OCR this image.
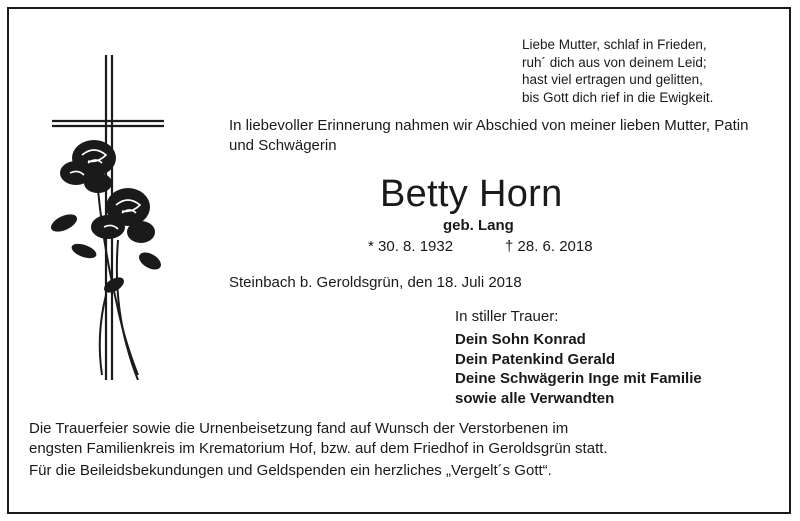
Liebe Mutter, schlaf in Frieden,
ruh´ dich aus von deinem Leid;
hast viel ertragen und gelitten,
bis Gott dich rief in die Ewigkeit.
In liebevoller Erinnerung nahmen wir Abschied von meiner lieben Mutter, Patin und Schwägerin
Betty Horn
geb. Lang
* 30. 8. 1932	† 28. 6. 2018
Steinbach b. Geroldsgrün, den 18. Juli 2018
In stiller Trauer:
Dein Sohn Konrad
Dein Patenkind Gerald
Deine Schwägerin Inge mit Familie
sowie alle Verwandten
Die Trauerfeier sowie die Urnenbeisetzung fand auf Wunsch der Verstorbenen im
engsten Familienkreis im Krematorium Hof, bzw. auf dem Friedhof in Geroldsgrün statt.
Für die Beileidsbekundungen und Geldspenden ein herzliches „Vergelt´s Gott“.
